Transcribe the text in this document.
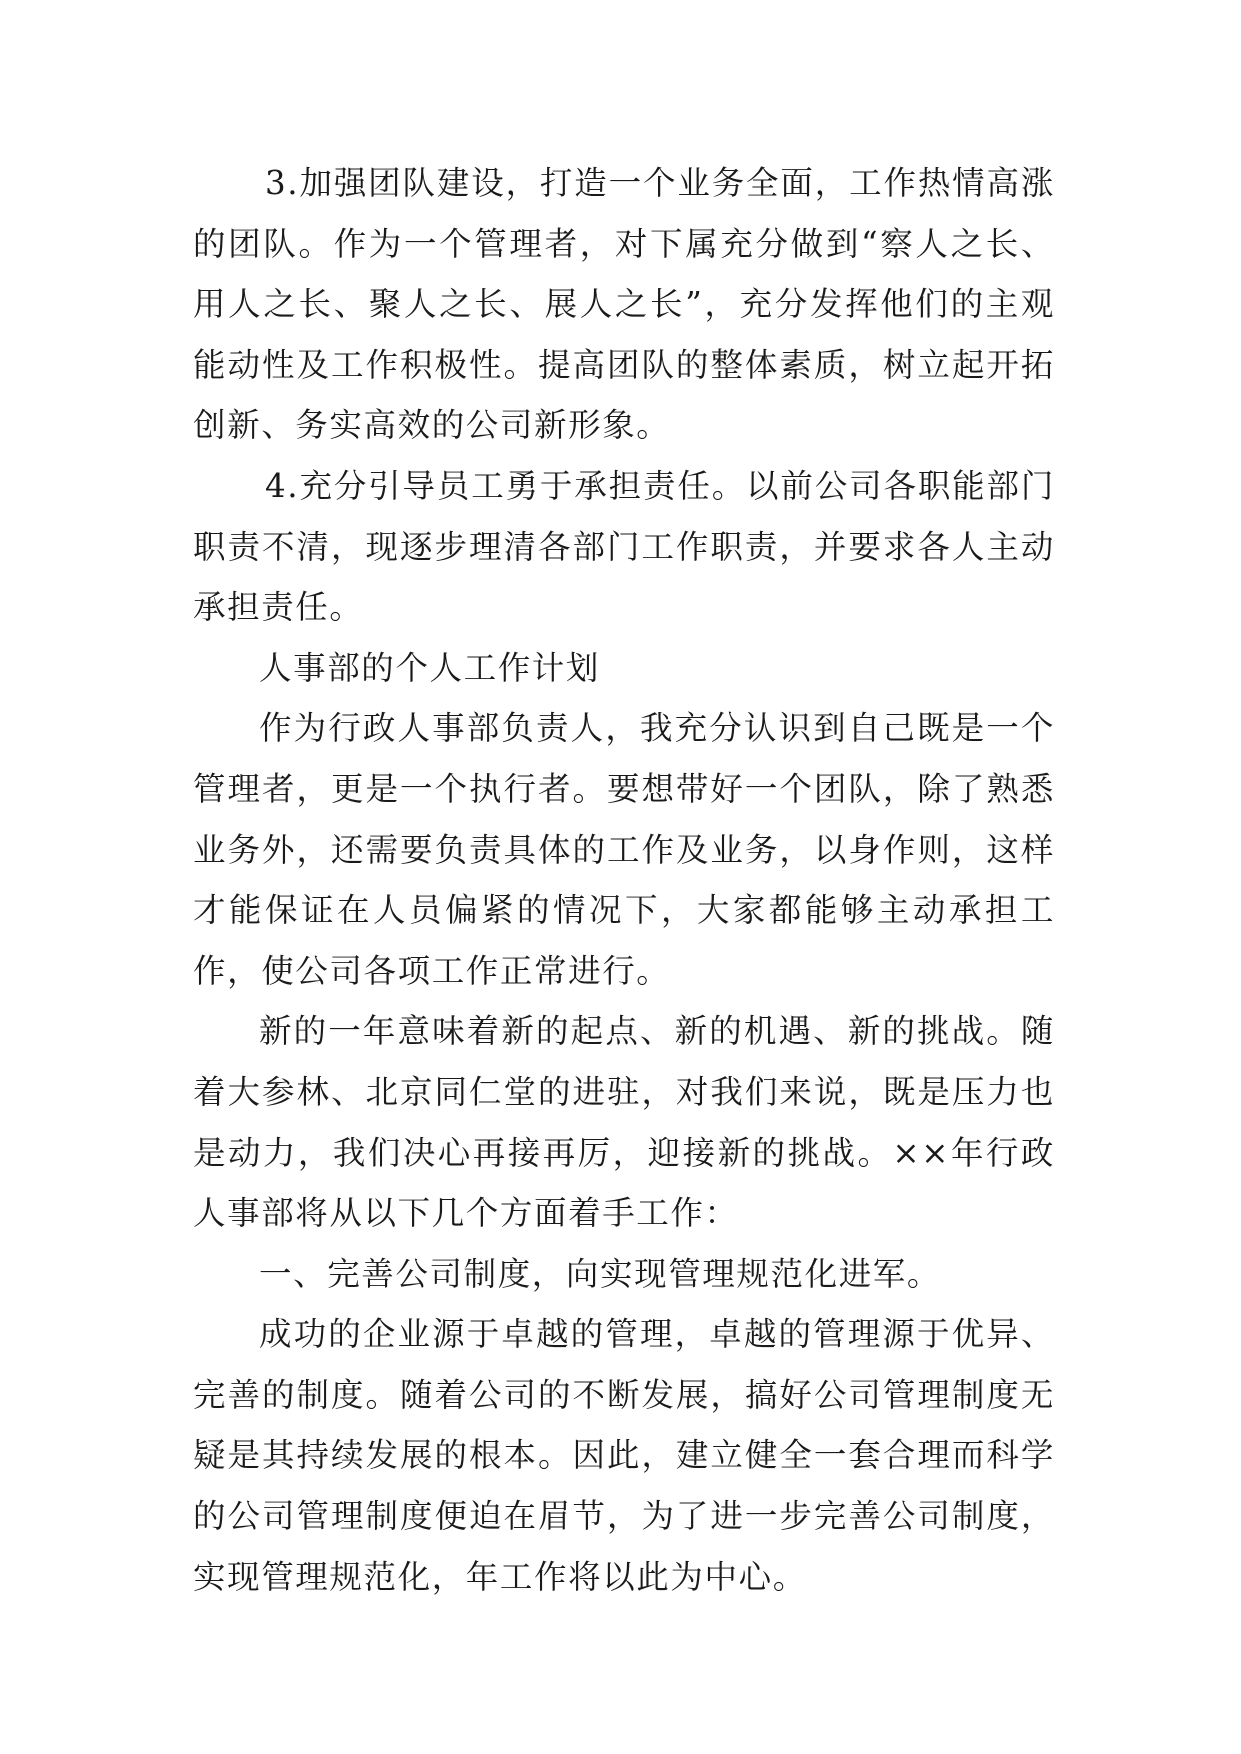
3.加强团队建设，打造一个业务全面，工作热情高涨的团队。作为一个管理者，对下属充分做到“察人之长、用人之长、聚人之长、展人之长”，充分发挥他们的主观能动性及工作积极性。提高团队的整体素质，树立起开拓创新、务实高效的公司新形象。

4.充分引导员工勇于承担责任。以前公司各职能部门职责不清，现逐步理清各部门工作职责，并要求各人主动承担责任。

人事部的个人工作计划

作为行政人事部负责人，我充分认识到自己既是一个管理者，更是一个执行者。要想带好一个团队，除了熟悉业务外，还需要负责具体的工作及业务，以身作则，这样才能保证在人员偏紧的情况下，大家都能够主动承担工作，使公司各项工作正常进行。

新的一年意味着新的起点、新的机遇、新的挑战。随着大参林、北京同仁堂的进驻，对我们来说，既是压力也是动力，我们决心再接再厉，迎接新的挑战。××年行政人事部将从以下几个方面着手工作：

一、完善公司制度，向实现管理规范化进军。

成功的企业源于卓越的管理，卓越的管理源于优异、完善的制度。随着公司的不断发展，搞好公司管理制度无疑是其持续发展的根本。因此，建立健全一套合理而科学的公司管理制度便迫在眉节，为了进一步完善公司制度，实现管理规范化，年工作将以此为中心。
